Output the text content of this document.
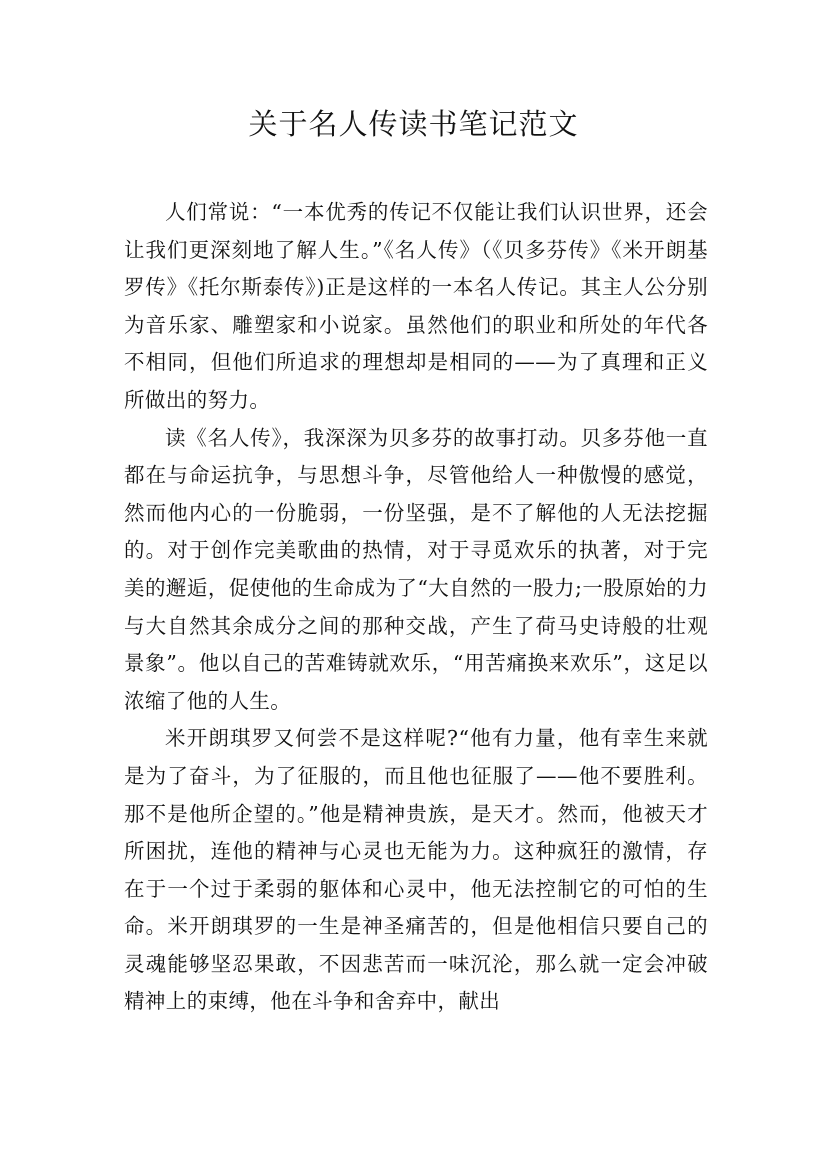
关于名人传读书笔记范文

人们常说：“一本优秀的传记不仅能让我们认识世界，还会让我们更深刻地了解人生。”《名人传》（《贝多芬传》《米开朗基罗传》《托尔斯泰传》)正是这样的一本名人传记。其主人公分别为音乐家、雕塑家和小说家。虽然他们的职业和所处的年代各不相同，但他们所追求的理想却是相同的——为了真理和正义所做出的努力。

读《名人传》，我深深为贝多芬的故事打动。贝多芬他一直都在与命运抗争，与思想斗争，尽管他给人一种傲慢的感觉，然而他内心的一份脆弱，一份坚强，是不了解他的人无法挖掘的。对于创作完美歌曲的热情，对于寻觅欢乐的执著，对于完美的邂逅，促使他的生命成为了“大自然的一股力;一股原始的力与大自然其余成分之间的那种交战，产生了荷马史诗般的壮观景象”。他以自己的苦难铸就欢乐，“用苦痛换来欢乐”，这足以浓缩了他的人生。

米开朗琪罗又何尝不是这样呢?“他有力量，他有幸生来就是为了奋斗，为了征服的，而且他也征服了——他不要胜利。那不是他所企望的。”他是精神贵族，是天才。然而，他被天才所困扰，连他的精神与心灵也无能为力。这种疯狂的激情，存在于一个过于柔弱的躯体和心灵中，他无法控制它的可怕的生命。米开朗琪罗的一生是神圣痛苦的，但是他相信只要自己的灵魂能够坚忍果敢，不因悲苦而一味沉沦，那么就一定会冲破精神上的束缚，他在斗争和舍弃中，献出
